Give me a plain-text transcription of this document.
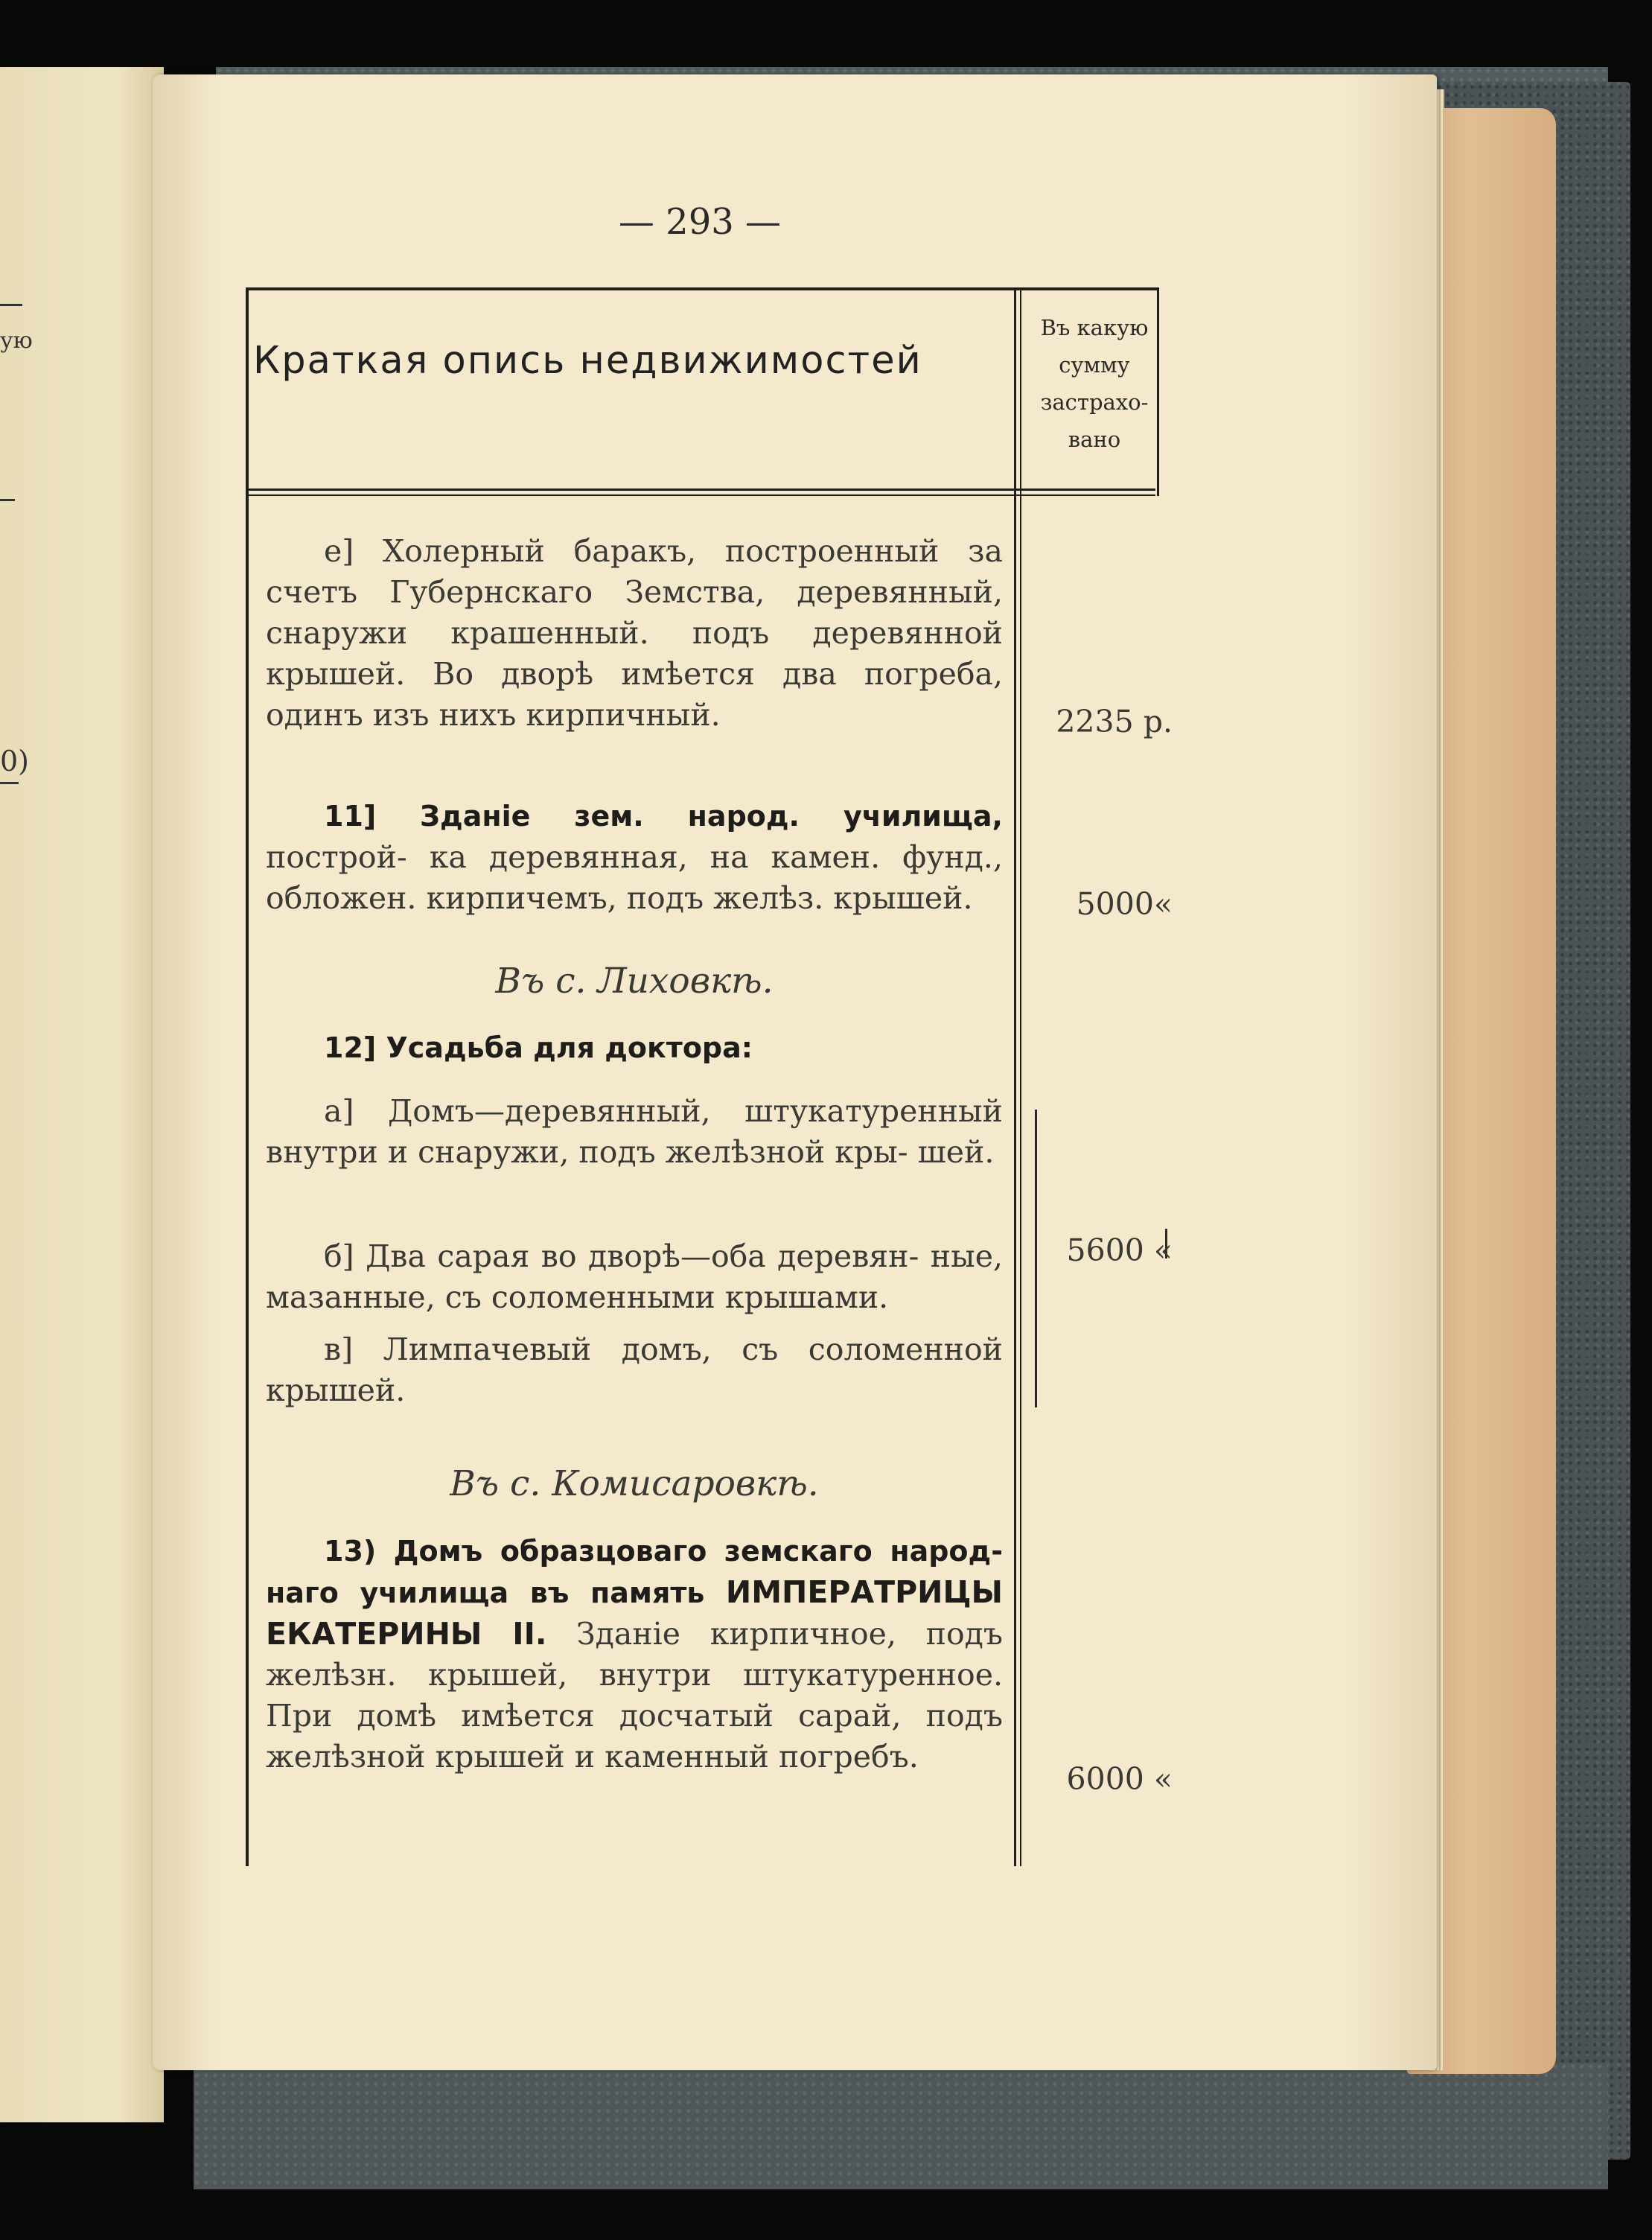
ую
0)
— 293 —
Краткая опись недвижимостей
Въ какую
сумму
застрахо-
вано

е] Холерный баракъ, построенный за счетъ Губернскаго Земства, деревянный, снаружи крашенный. подъ деревянной крышей. Во дворѣ имѣется два погреба, одинъ изъ нихъ кирпичный.	2235 р.

11] Зданіе зем. народ. училища, построй- ка деревянная, на камен. фунд., обложен. кирпичемъ, подъ желѣз. крышей.	5000«
Въ с. Лиховкѣ.
12] Усадьба для доктора:

а] Домъ—деревянный, штукатуренный внутри и снаружи, подъ желѣзной кры- шей.

б] Два сарая во дворѣ—оба деревян- ные, мазанные, съ соломенными крышами.

в] Лимпачевый домъ, съ соломенной крышей.

5600 «
Въ с. Комисаровкѣ.

13) Домъ образцоваго земскаго народ- наго училища въ память ИМПЕРАТРИЦЫ ЕКАТЕРИНЫ II. Зданіе кирпичное, подъ желѣзн. крышей, внутри штукатуренное. При домѣ имѣется досчатый сарай, подъ желѣзной крышей и каменный погребъ.

6000 «
